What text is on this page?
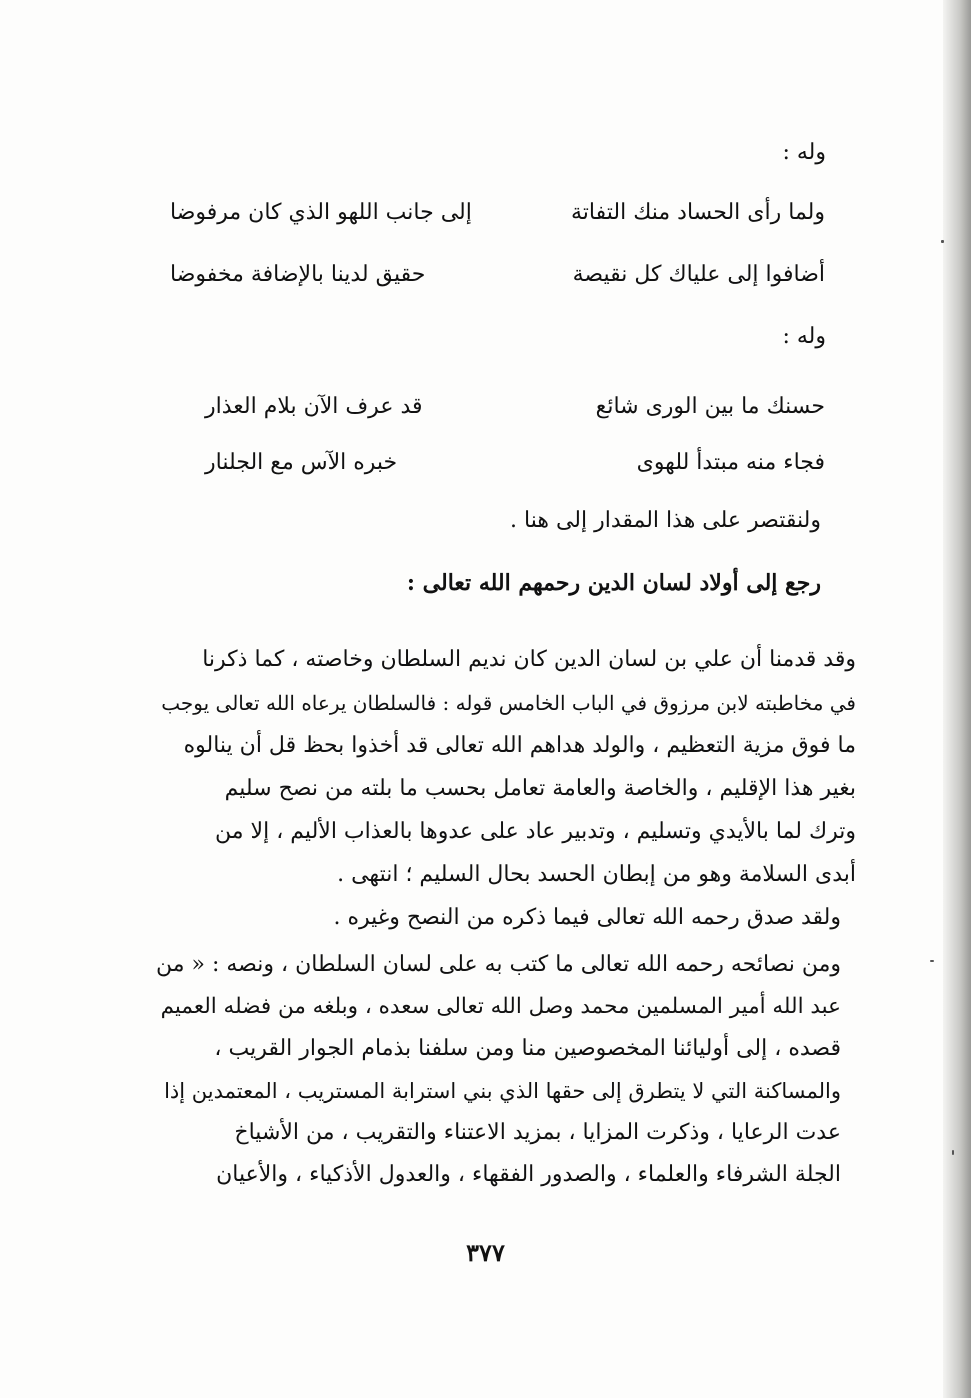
وله :
ولما رأى الحساد منك التفاتة
إلى جانب اللهو الذي كان مرفوضا
أضافوا إلى علياك كل نقيصة
حقيق لدينا بالإضافة مخفوضا
وله :
حسنك ما بين الورى شائع
قد عرف الآن بلام العذار
فجاء منه مبتدأ للهوى
خبره الآس مع الجلنار
ولنقتصر على هذا المقدار إلى هنا .
رجع إلى أولاد لسان الدين رحمهم الله تعالى :
وقد قدمنا أن علي بن لسان الدين كان نديم السلطان وخاصته ، كما ذكرنا
في مخاطبته لابن مرزوق في الباب الخامس قوله : فالسلطان يرعاه الله تعالى يوجب
ما فوق مزية التعظيم ، والولد هداهم الله تعالى قد أخذوا بحظ قل أن ينالوه
بغير هذا الإقليم ، والخاصة والعامة تعامل بحسب ما بلته من نصح سليم
وترك لما بالأيدي وتسليم ، وتدبير عاد على عدوها بالعذاب الأليم ، إلا من
أبدى السلامة وهو من إبطان الحسد بحال السليم ؛ انتهى .
ولقد صدق رحمه الله تعالى فيما ذكره من النصح وغيره .
ومن نصائحه رحمه الله تعالى ما كتب به على لسان السلطان ، ونصه : « من
عبد الله أمير المسلمين محمد وصل الله تعالى سعده ، وبلغه من فضله العميم
قصده ، إلى أوليائنا المخصوصين منا ومن سلفنا بذمام الجوار القريب ،
والمساكنة التي لا يتطرق إلى حقها الذي بني استرابة المستريب ، المعتمدين إذا
عدت الرعايا ، وذكرت المزايا ، بمزيد الاعتناء والتقريب ، من الأشياخ
الجلة الشرفاء والعلماء ، والصدور الفقهاء ، والعدول الأذكياء ، والأعيان
٣٧٧
